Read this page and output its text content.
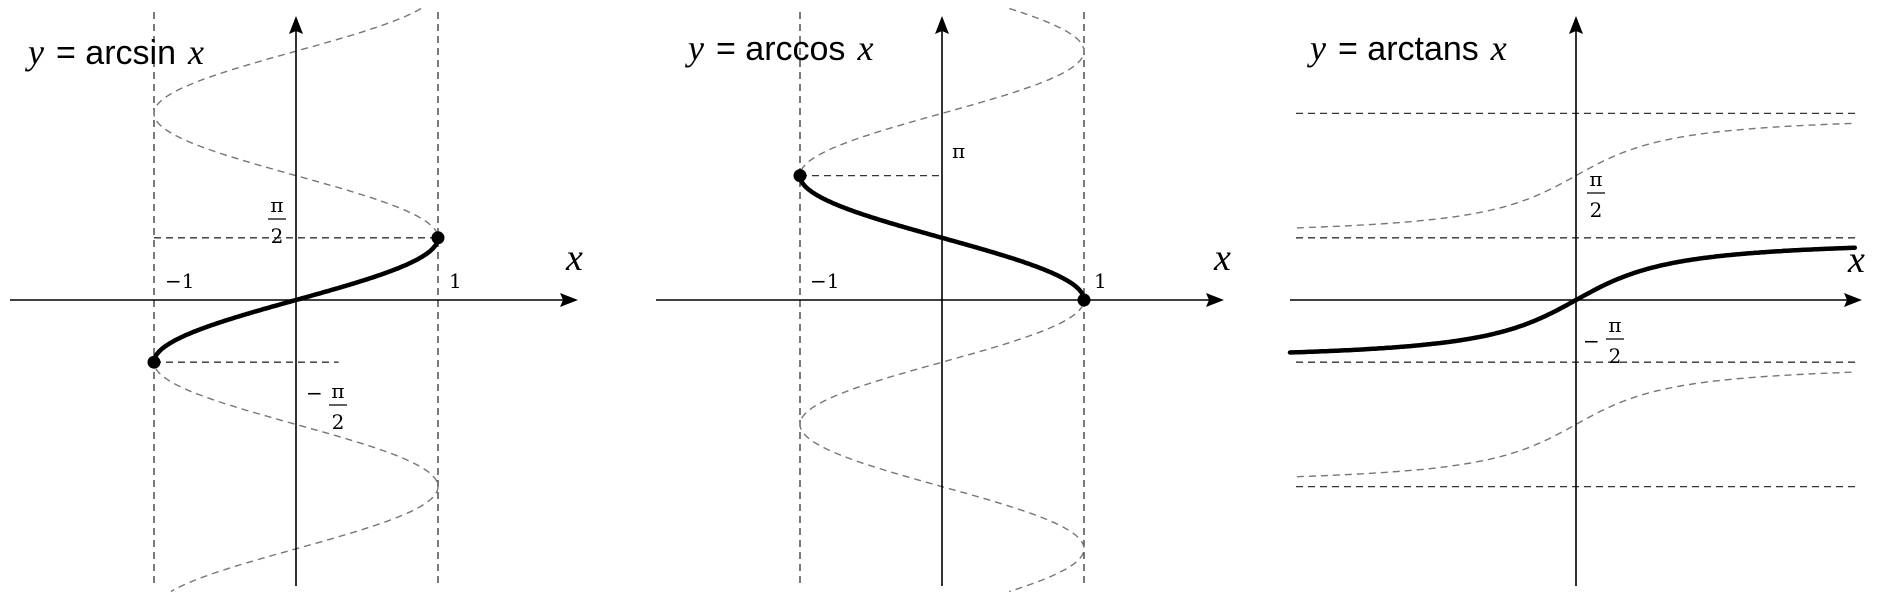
y = arcsin x
x
−1	1
π
2
− π
2
y = arccos x
x
−1	1
π
y = arctans x
x
π
2
−
π
2
